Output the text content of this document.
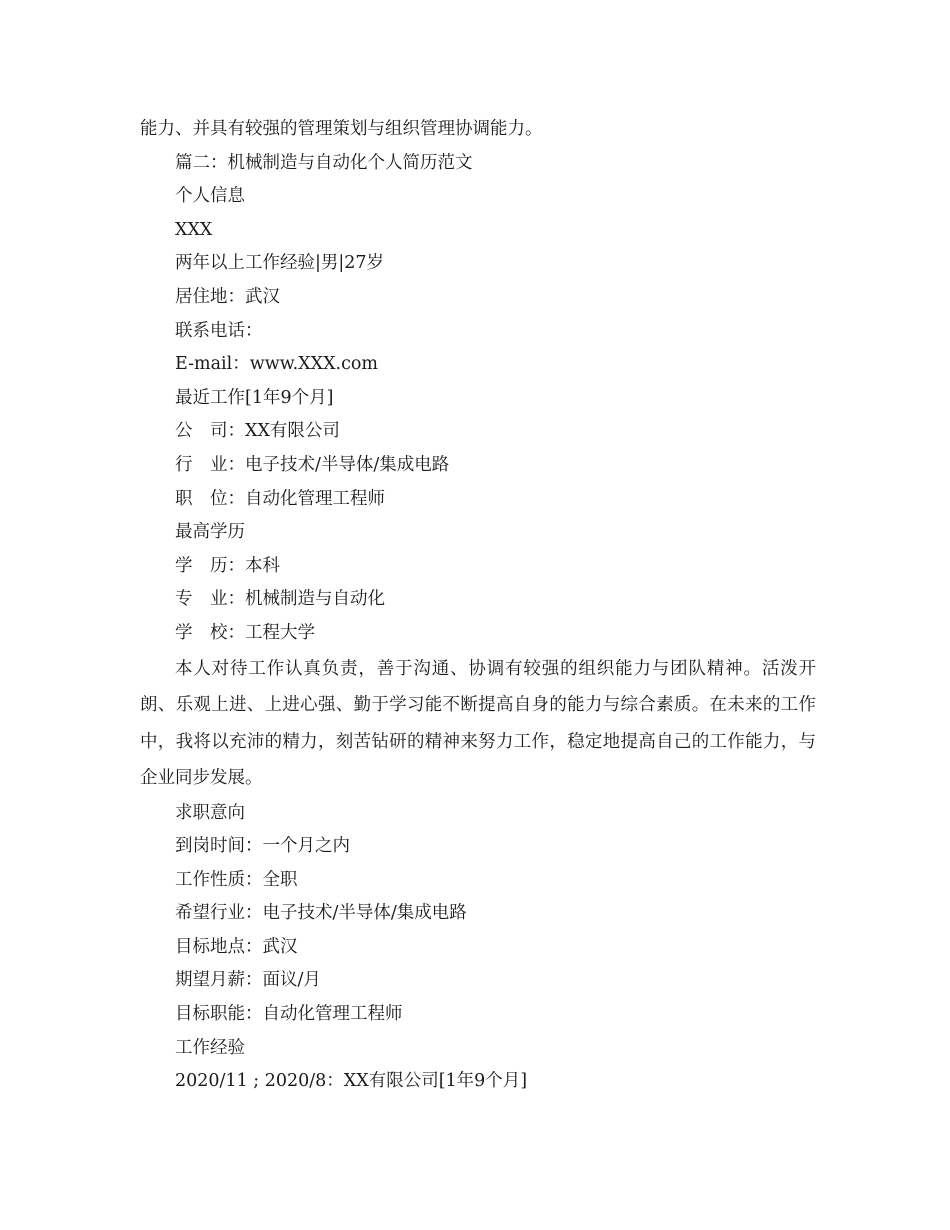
能力、并具有较强的管理策划与组织管理协调能力。
篇二：机械制造与自动化个人简历范文
个人信息
XXX
两年以上工作经验|男|27岁
居住地：武汉
联系电话：
E-mail：www.XXX.com
最近工作[1年9个月]
公　司：XX有限公司
行　业：电子技术/半导体/集成电路
职　位：自动化管理工程师
最高学历
学　历：本科
专　业：机械制造与自动化
学　校：工程大学

本人对待工作认真负责，善于沟通、协调有较强的组织能力与团队精神。活泼开朗、乐观上进、上进心强、勤于学习能不断提高自身的能力与综合素质。在未来的工作中，我将以充沛的精力，刻苦钻研的精神来努力工作，稳定地提高自己的工作能力，与企业同步发展。

求职意向
到岗时间：一个月之内
工作性质：全职
希望行业：电子技术/半导体/集成电路
目标地点：武汉
期望月薪：面议/月
目标职能：自动化管理工程师
工作经验
2020/11 ; 2020/8：XX有限公司[1年9个月]
